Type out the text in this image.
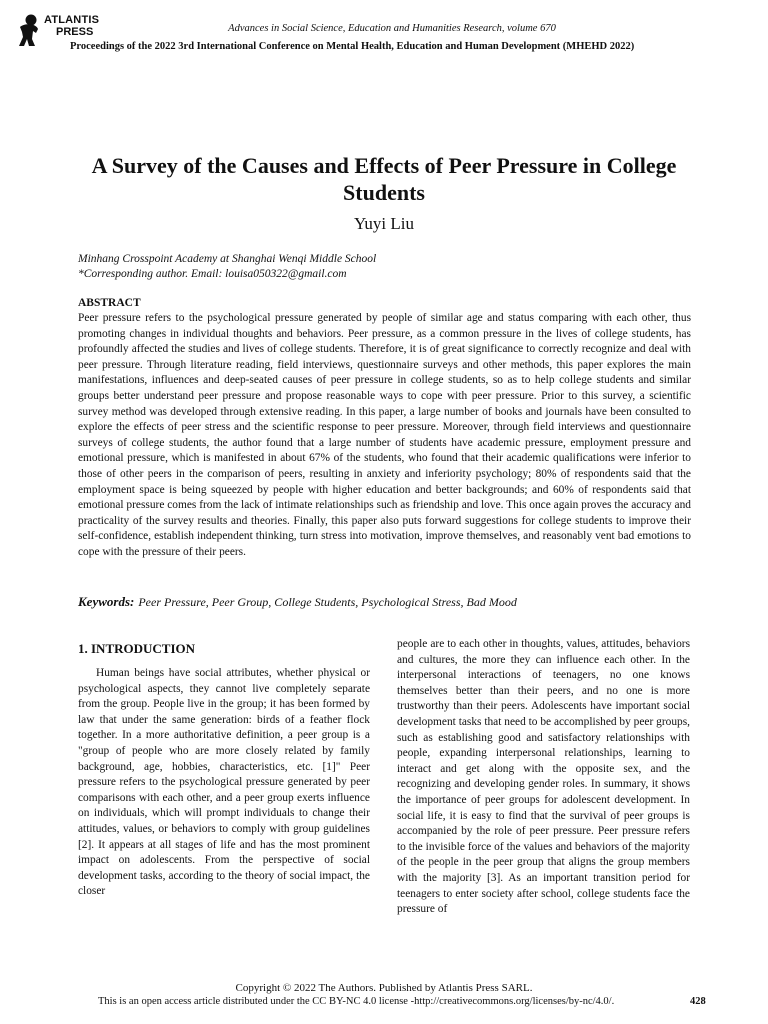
ATLANTIS
PRESS	Advances in Social Science, Education and Humanities Research, volume 670
Proceedings of the 2022 3rd International Conference on Mental Health, Education and Human Development (MHEHD 2022)
A Survey of the Causes and Effects of Peer Pressure in College Students
Yuyi Liu
Minhang Crosspoint Academy at Shanghai Wenqi Middle School
*Corresponding author. Email: louisa050322@gmail.com
ABSTRACT
Peer pressure refers to the psychological pressure generated by people of similar age and status comparing with each other, thus promoting changes in individual thoughts and behaviors. Peer pressure, as a common pressure in the lives of college students, has profoundly affected the studies and lives of college students. Therefore, it is of great significance to correctly recognize and deal with peer pressure. Through literature reading, field interviews, questionnaire surveys and other methods, this paper explores the main manifestations, influences and deep-seated causes of peer pressure in college students, so as to help college students and similar groups better understand peer pressure and propose reasonable ways to cope with peer pressure. Prior to this survey, a scientific survey method was developed through extensive reading. In this paper, a large number of books and journals have been consulted to explore the effects of peer stress and the scientific response to peer pressure. Moreover, through field interviews and questionnaire surveys of college students, the author found that a large number of students have academic pressure, employment pressure and emotional pressure, which is manifested in about 67% of the students, who found that their academic qualifications were inferior to those of other peers in the comparison of peers, resulting in anxiety and inferiority psychology; 80% of respondents said that the employment space is being squeezed by people with higher education and better backgrounds; and 60% of respondents said that emotional pressure comes from the lack of intimate relationships such as friendship and love. This once again proves the accuracy and practicality of the survey results and theories. Finally, this paper also puts forward suggestions for college students to improve their self-confidence, establish independent thinking, turn stress into motivation, improve themselves, and reasonably vent bad emotions to cope with the pressure of their peers.
Keywords: Peer Pressure, Peer Group, College Students, Psychological Stress, Bad Mood
1. INTRODUCTION
Human beings have social attributes, whether physical or psychological aspects, they cannot live completely separate from the group. People live in the group; it has been formed by law that under the same generation: birds of a feather flock together. In a more authoritative definition, a peer group is a "group of people who are more closely related by family background, age, hobbies, characteristics, etc. [1]" Peer pressure refers to the psychological pressure generated by peer comparisons with each other, and a peer group exerts influence on individuals, which will prompt individuals to change their attitudes, values, or behaviors to comply with group guidelines [2]. It appears at all stages of life and has the most prominent impact on adolescents. From the perspective of social development tasks, according to the theory of social impact, the closer
people are to each other in thoughts, values, attitudes, behaviors and cultures, the more they can influence each other. In the interpersonal interactions of teenagers, no one knows themselves better than their peers, and no one is more trustworthy than their peers. Adolescents have important social development tasks that need to be accomplished by peer groups, such as establishing good and satisfactory relationships with people, expanding interpersonal relationships, learning to interact and get along with the opposite sex, and the recognizing and developing gender roles. In summary, it shows the importance of peer groups for adolescent development. In social life, it is easy to find that the survival of peer groups is accompanied by the role of peer pressure. Peer pressure refers to the invisible force of the values and behaviors of the majority of the people in the peer group that aligns the group members with the majority [3]. As an important transition period for teenagers to enter society after school, college students face the pressure of
Copyright © 2022 The Authors. Published by Atlantis Press SARL.
This is an open access article distributed under the CC BY-NC 4.0 license -http://creativecommons.org/licenses/by-nc/4.0/.	428
